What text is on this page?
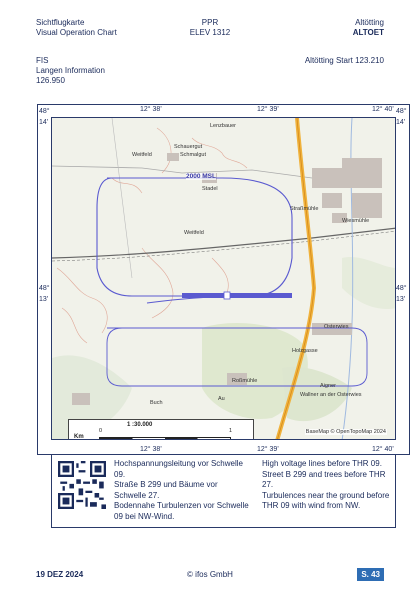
Sichtflugkarte
Visual Operation Chart
PPR
ELEV 1312
Altötting
ALTOET
FIS
Langen Information
126.950
Altötting Start 123.210
12° 38'	12° 39'	12° 40'
12° 38'	12° 39'	12° 40'
48°
14'
48°
13'
48°
14'
48°
13'
Lenzbauer
Schauergut
Schmalgut
Weitfeld
Stadel
Weitfeld
Osterwies
Holzgasse
Roßmühle
Aigner
Wallner an der Osterwies
Buch
Au
Straßmühle
Wiesmühle
2000 MSL
1 :30.000
Km
0	1	BaseMap © OpenTopoMap 2024
Hochspannungsleitung vor Schwelle
09.
Straße B 299 und Bäume vor
Schwelle 27.
Bodennahe Turbulenzen vor Schwelle
09 bei NW-Wind.
High voltage lines before THR 09.
Street B 299 and trees before THR 27.
Turbulences near the ground before
THR 09 with wind from NW.
19 DEZ 2024	© ifos GmbH	S. 43
